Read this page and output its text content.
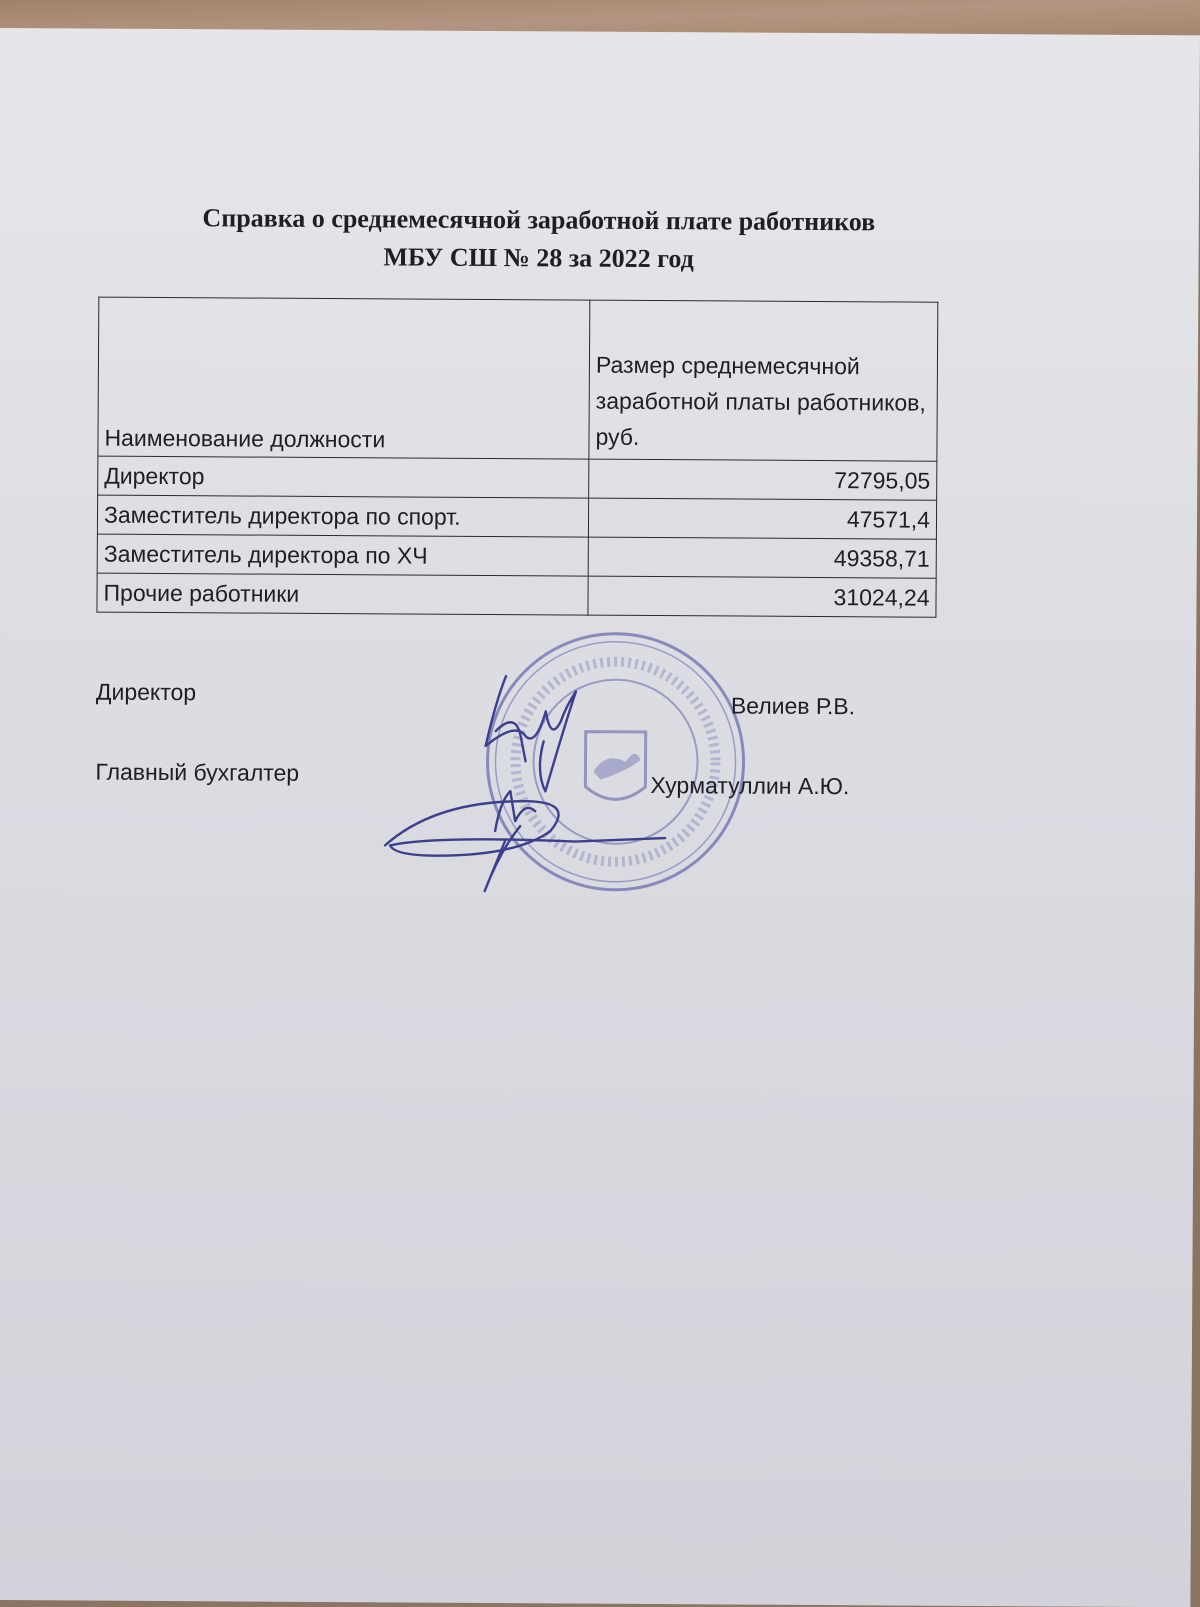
Справка о среднемесячной заработной плате работников
МБУ СШ № 28 за 2022 год
Наименование должности	Размер среднемесячной заработной платы работников, руб.
Директор	72795,05
Заместитель директора по спорт.	47571,4
Заместитель директора по ХЧ	49358,71
Прочие работники	31024,24
Директор
Велиев Р.В.
Главный бухгалтер	Хурматуллин А.Ю.
